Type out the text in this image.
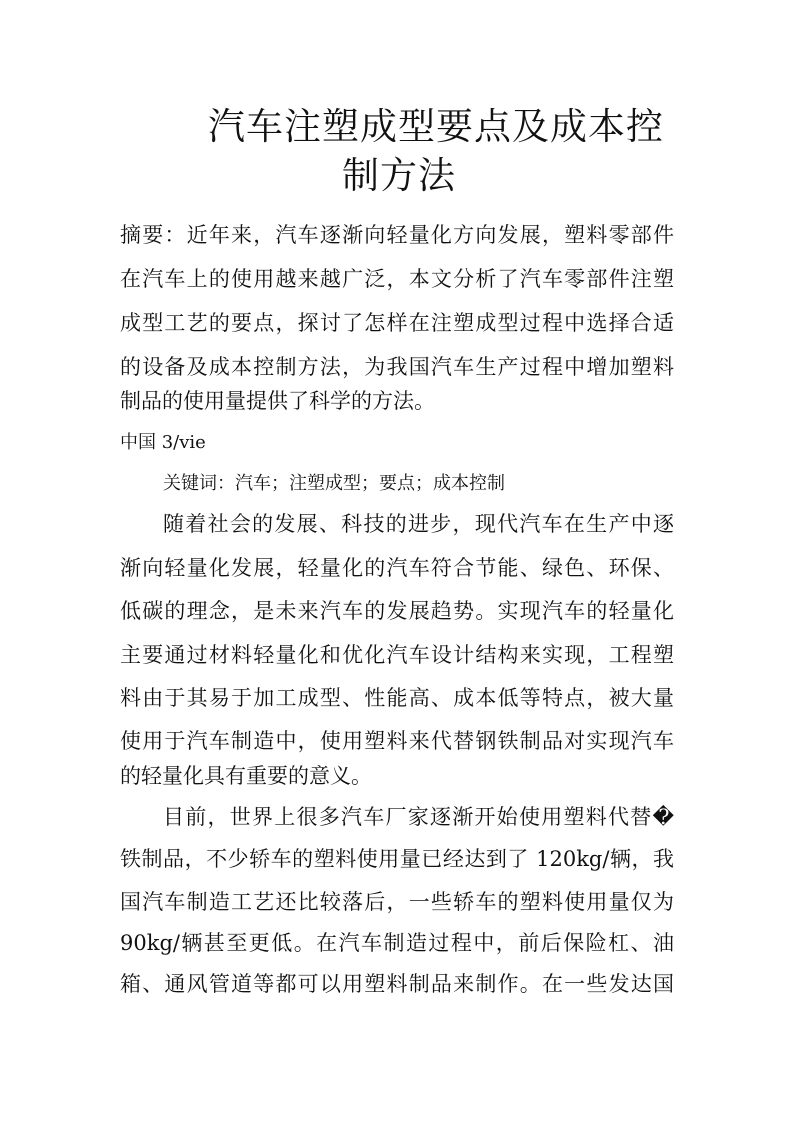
汽车注塑成型要点及成本控
制方法
摘要：近年来，汽车逐渐向轻量化方向发展，塑料零部件
在汽车上的使用越来越广泛，本文分析了汽车零部件注塑
成型工艺的要点，探讨了怎样在注塑成型过程中选择合适
的设备及成本控制方法，为我国汽车生产过程中增加塑料
制品的使用量提供了科学的方法。
中国 3/vie
关键词：汽车；注塑成型；要点；成本控制
随着社会的发展、科技的进步，现代汽车在生产中逐
渐向轻量化发展，轻量化的汽车符合节能、绿色、环保、
低碳的理念，是未来汽车的发展趋势。实现汽车的轻量化
主要通过材料轻量化和优化汽车设计结构来实现，工程塑
料由于其易于加工成型、性能高、成本低等特点，被大量
使用于汽车制造中，使用塑料来代替钢铁制品对实现汽车
的轻量化具有重要的意义。
目前，世界上很多汽车厂家逐渐开始使用塑料代替�
铁制品，不少轿车的塑料使用量已经达到了 120kg/辆，我
国汽车制造工艺还比较落后，一些轿车的塑料使用量仅为
90kg/辆甚至更低。在汽车制造过程中，前后保险杠、油
箱、通风管道等都可以用塑料制品来制作。在一些发达国
